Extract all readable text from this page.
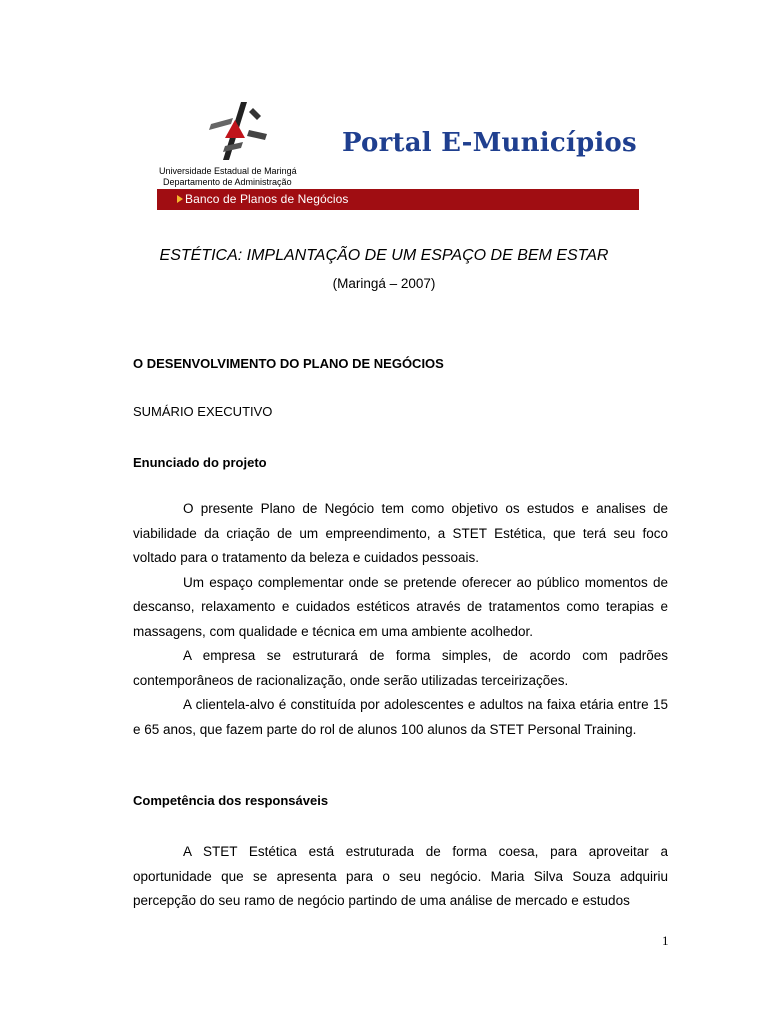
Universidade Estadual de Maringá
Departamento de Administração
Portal E-Municípios
Banco de Planos de Negócios
ESTÉTICA: IMPLANTAÇÃO DE UM ESPAÇO DE BEM ESTAR
(Maringá – 2007)
O DESENVOLVIMENTO DO PLANO DE NEGÓCIOS
SUMÁRIO EXECUTIVO
Enunciado do projeto

O presente Plano de Negócio tem como objetivo os estudos e analises de viabilidade da criação de um empreendimento, a STET Estética, que terá seu foco voltado para o tratamento da beleza e cuidados pessoais.

Um espaço complementar onde se pretende oferecer ao público momentos de descanso, relaxamento e cuidados estéticos através de tratamentos como terapias e massagens, com qualidade e técnica em uma ambiente acolhedor.

A empresa se estruturará de forma simples, de acordo com padrões contemporâneos de racionalização, onde serão utilizadas terceirizações.

A clientela-alvo é constituída por adolescentes e adultos na faixa etária entre 15 e 65 anos, que fazem parte do rol de alunos 100 alunos da STET Personal Training.

Competência dos responsáveis

A STET Estética está estruturada de forma coesa, para aproveitar a oportunidade que se apresenta para o seu negócio. Maria Silva Souza adquiriu percepção do seu ramo de negócio partindo de uma análise de mercado e estudos

1
